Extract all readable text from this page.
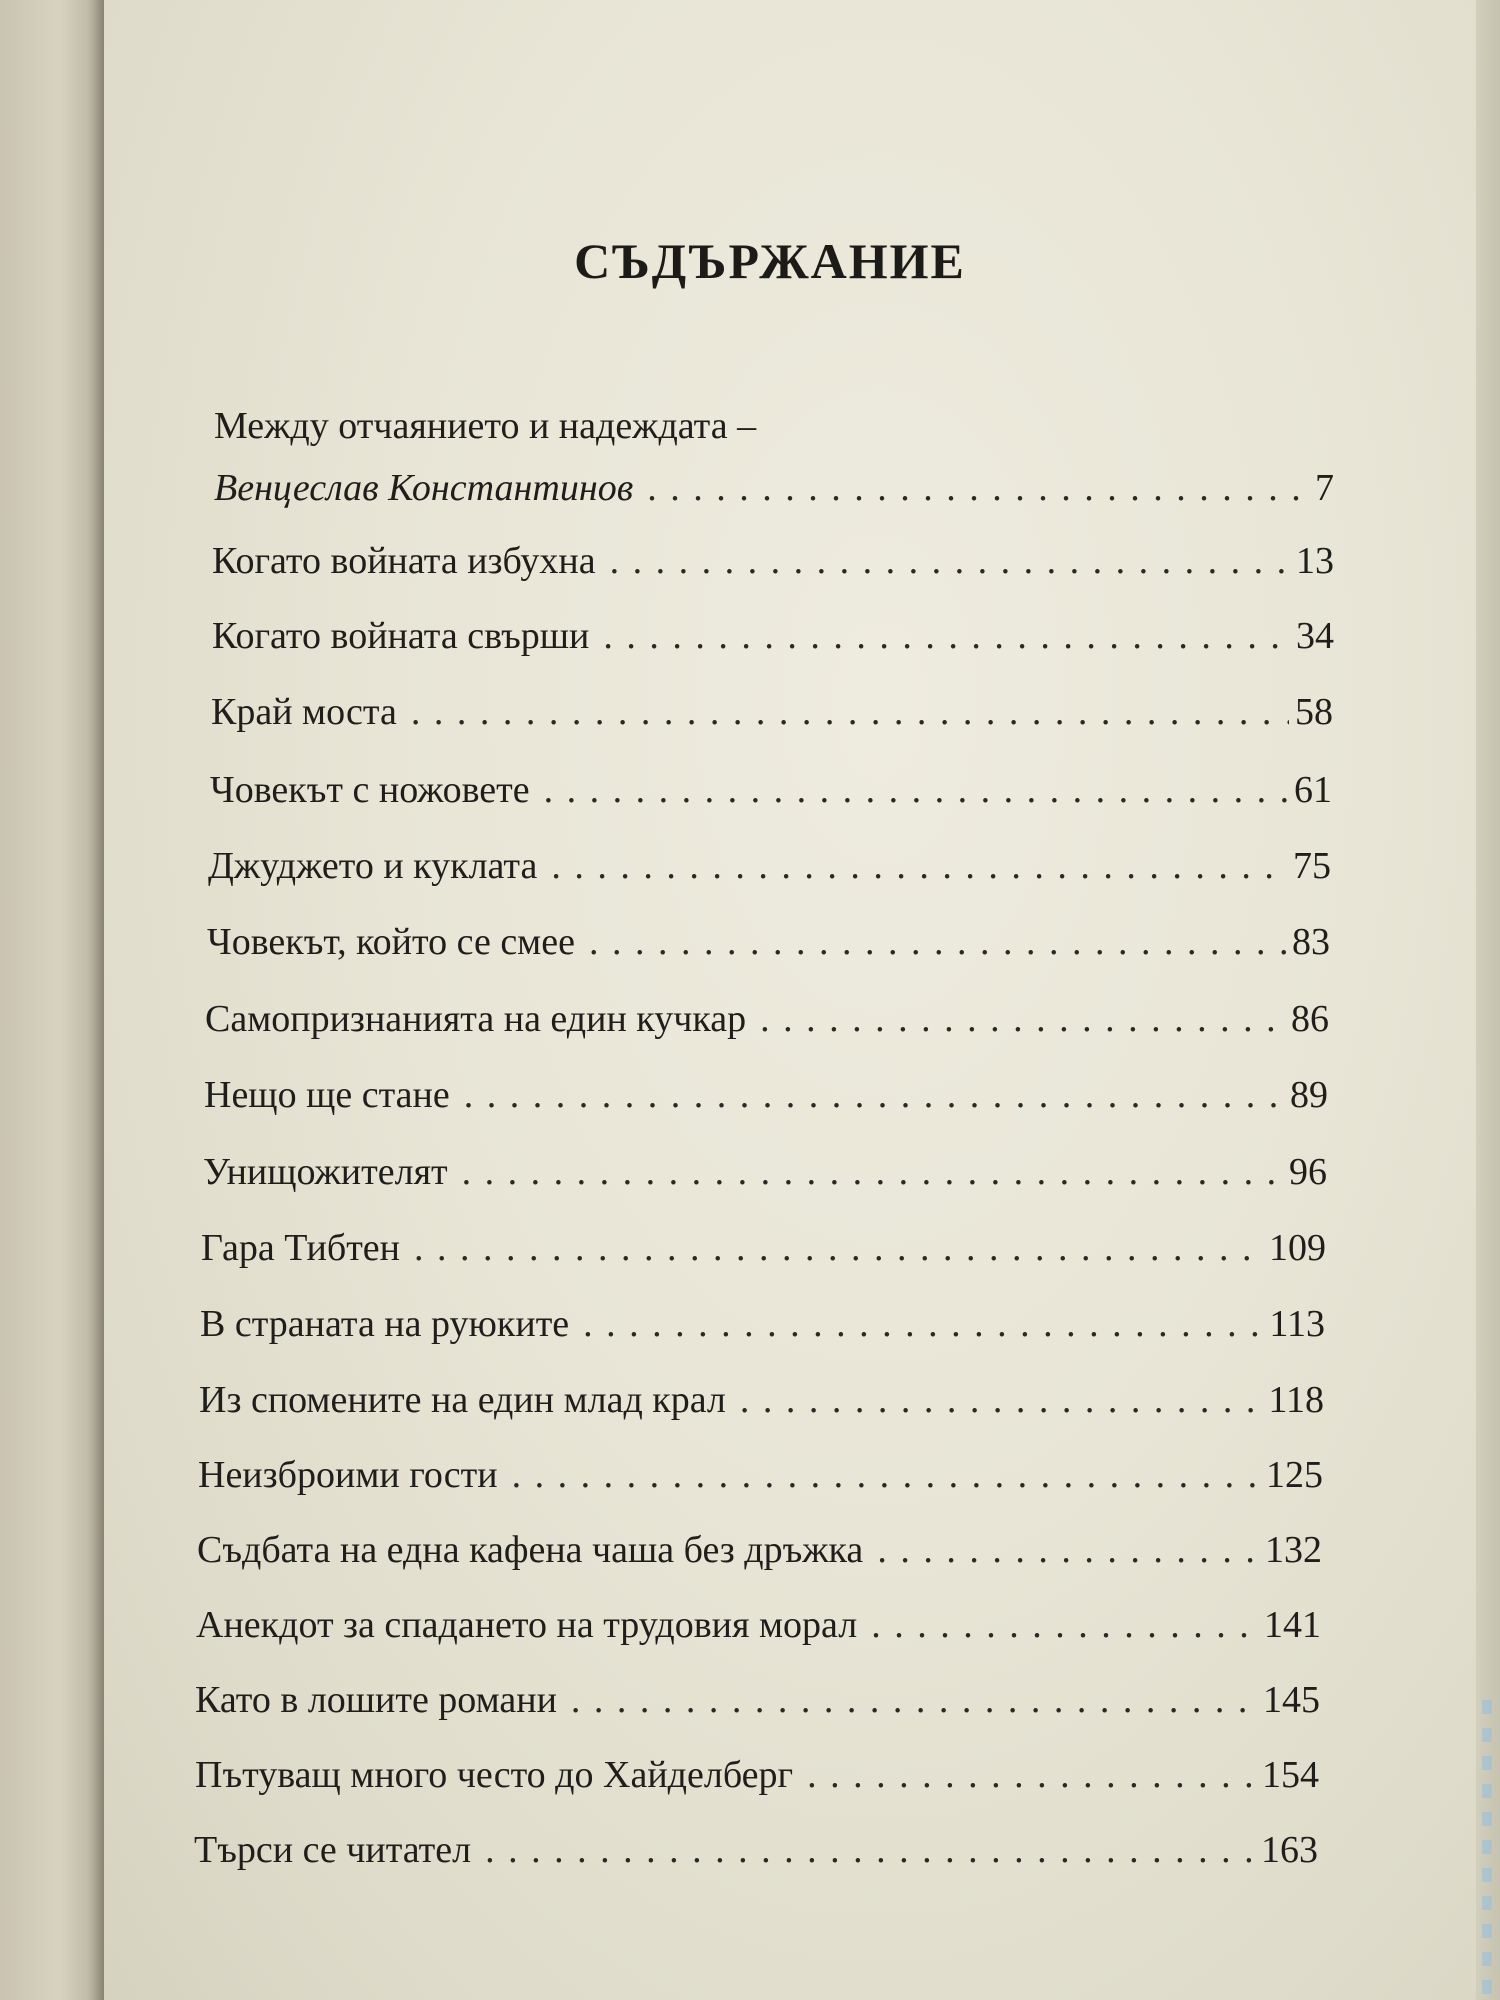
СЪДЪРЖАНИЕ
Между отчаянието и надеждата –
Венцеслав Константинов . . .	7
Когато войната избухна . . .	13
Когато войната свърши . . .	34
Край моста . . .	58
Човекът с ножовете . . .	61
Джуджето и куклата . . .	75
Човекът, който се смее . . .	83
Самопризнанията на един кучкар . . .	86
Нещо ще стане . . .	89
Унищожителят . . .	96
Гара Тибтен . . .	109
В страната на руюките . . .	113
Из спомените на един млад крал . . .	118
Неизброими гости . . .	125
Съдбата на една кафена чаша без дръжка . . .	132
Анекдот за спадането на трудовия морал . . .	141
Като в лошите романи . . .	145
Пътуващ много често до Хайделберг . . .	154
Търси се читател . . .	163
